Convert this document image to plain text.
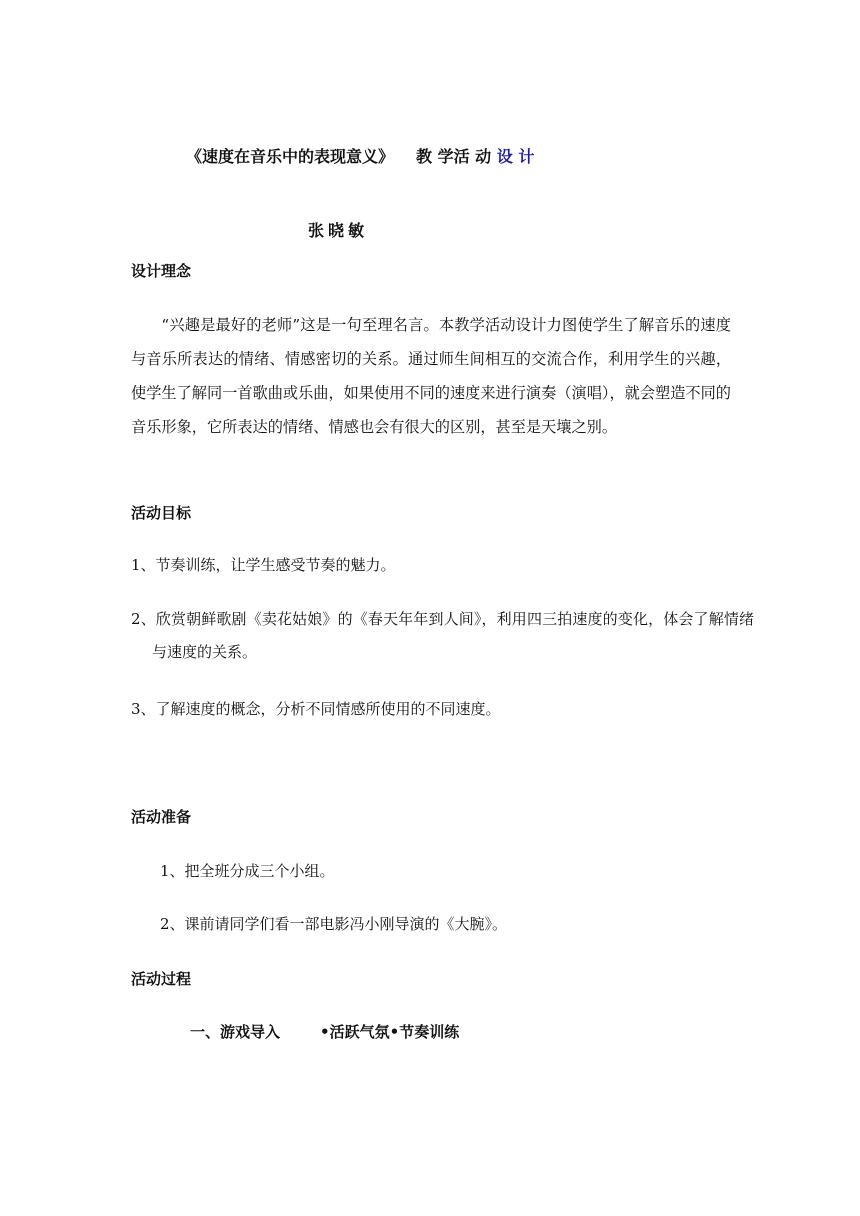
《速度在音乐中的表现意义》 教 学活 动 设 计
张晓敏
设计理念
“兴趣是最好的老师”这是一句至理名言。本教学活动设计力图使学生了解音乐的速度与音乐所表达的情绪、情感密切的关系。通过师生间相互的交流合作，利用学生的兴趣，使学生了解同一首歌曲或乐曲，如果使用不同的速度来进行演奏（演唱），就会塑造不同的音乐形象，它所表达的情绪、情感也会有很大的区别，甚至是天壤之别。
活动目标
1、节奏训练，让学生感受节奏的魅力。
2、欣赏朝鲜歌剧《卖花姑娘》的《春天年年到人间》，利用四三拍速度的变化，体会了解情绪与速度的关系。
3、了解速度的概念，分析不同情感所使用的不同速度。
活动准备
1、把全班分成三个小组。
2、课前请同学们看一部电影冯小刚导演的《大腕》。
活动过程
一、游戏导入	•活跃气氛•节奏训练
